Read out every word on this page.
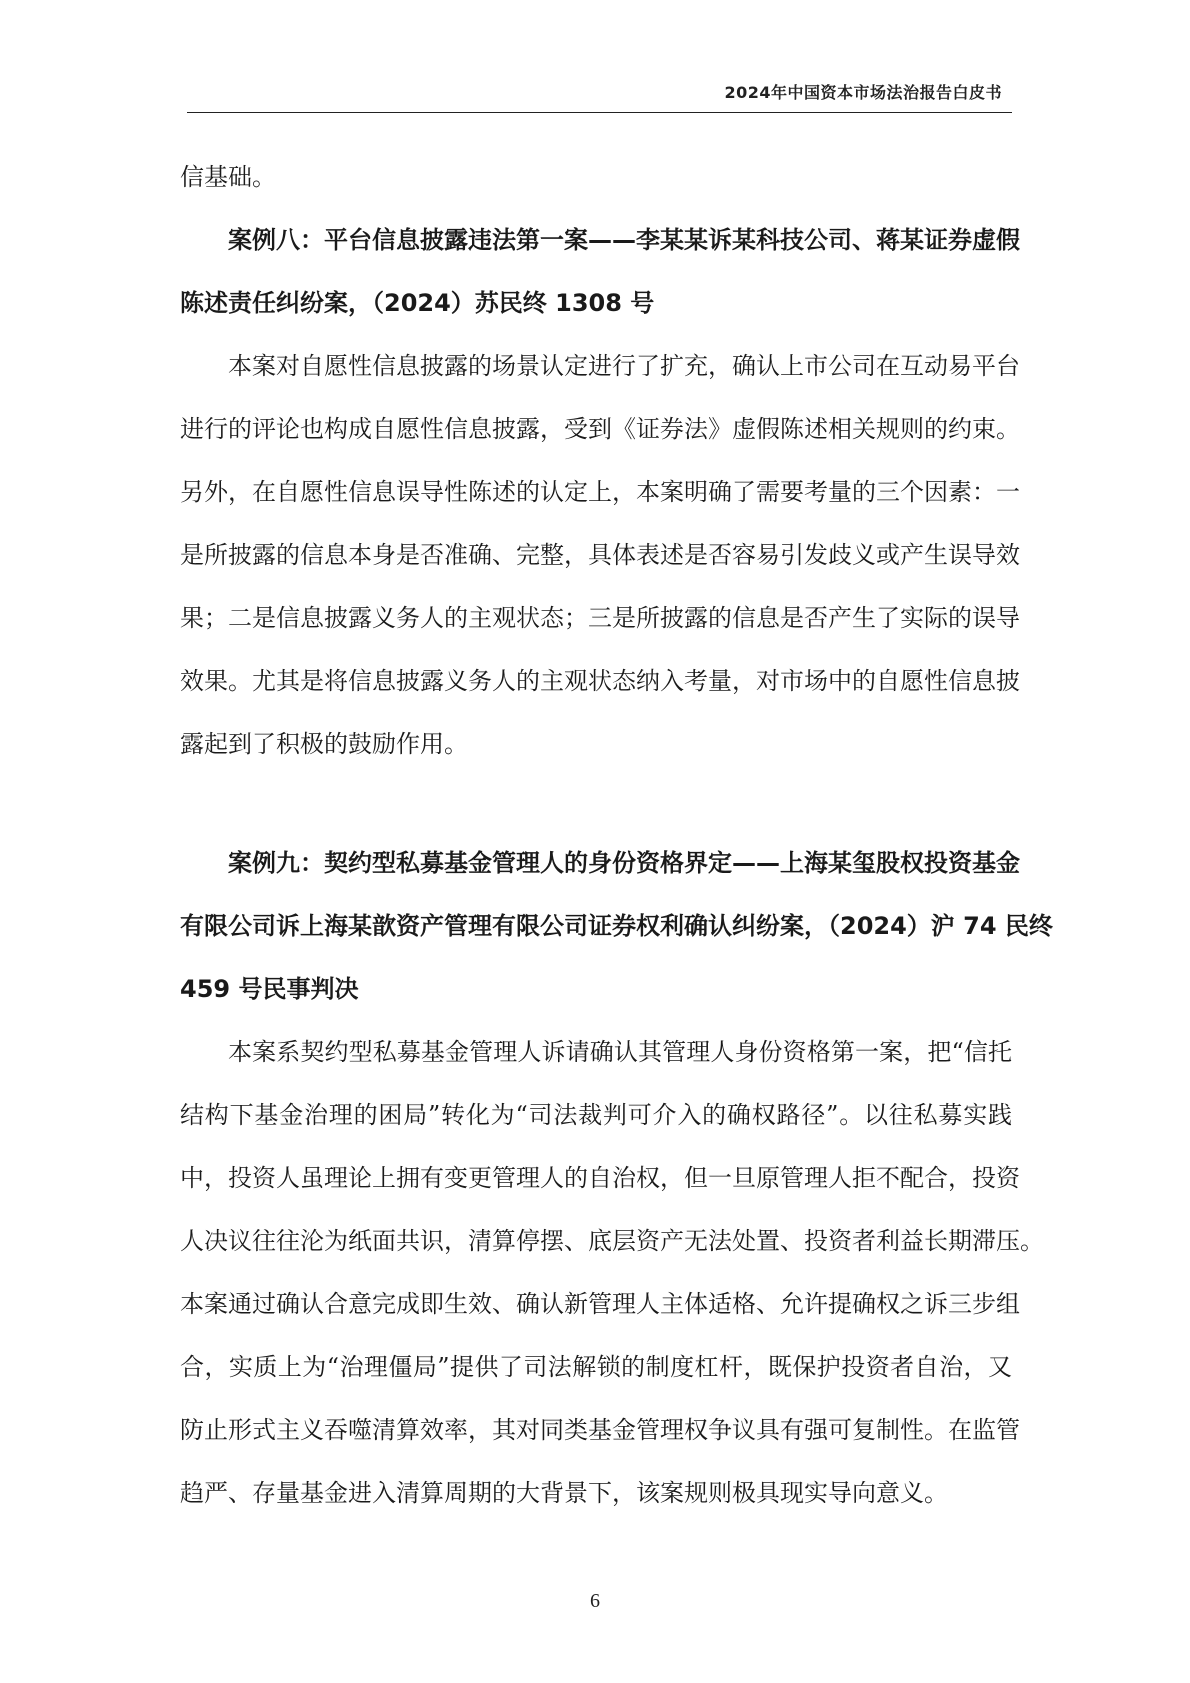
2024年中国资本市场法治报告白皮书
信基础。
案例八：平台信息披露违法第一案——李某某诉某科技公司、蒋某证券虚假
陈述责任纠纷案，（2024）苏民终 1308 号
本案对自愿性信息披露的场景认定进行了扩充，确认上市公司在互动易平台
进行的评论也构成自愿性信息披露，受到《证券法》虚假陈述相关规则的约束。
另外，在自愿性信息误导性陈述的认定上，本案明确了需要考量的三个因素：一
是所披露的信息本身是否准确、完整，具体表述是否容易引发歧义或产生误导效
果；二是信息披露义务人的主观状态；三是所披露的信息是否产生了实际的误导
效果。尤其是将信息披露义务人的主观状态纳入考量，对市场中的自愿性信息披
露起到了积极的鼓励作用。
案例九：契约型私募基金管理人的身份资格界定——上海某玺股权投资基金
有限公司诉上海某歆资产管理有限公司证券权利确认纠纷案，（2024）沪 74 民终
459 号民事判决
本案系契约型私募基金管理人诉请确认其管理人身份资格第一案，把“信托
结构下基金治理的困局”转化为“司法裁判可介入的确权路径”。以往私募实践
中，投资人虽理论上拥有变更管理人的自治权，但一旦原管理人拒不配合，投资
人决议往往沦为纸面共识，清算停摆、底层资产无法处置、投资者利益长期滞压。
本案通过确认合意完成即生效、确认新管理人主体适格、允许提确权之诉三步组
合，实质上为“治理僵局”提供了司法解锁的制度杠杆，既保护投资者自治，又
防止形式主义吞噬清算效率，其对同类基金管理权争议具有强可复制性。在监管
趋严、存量基金进入清算周期的大背景下，该案规则极具现实导向意义。
6
